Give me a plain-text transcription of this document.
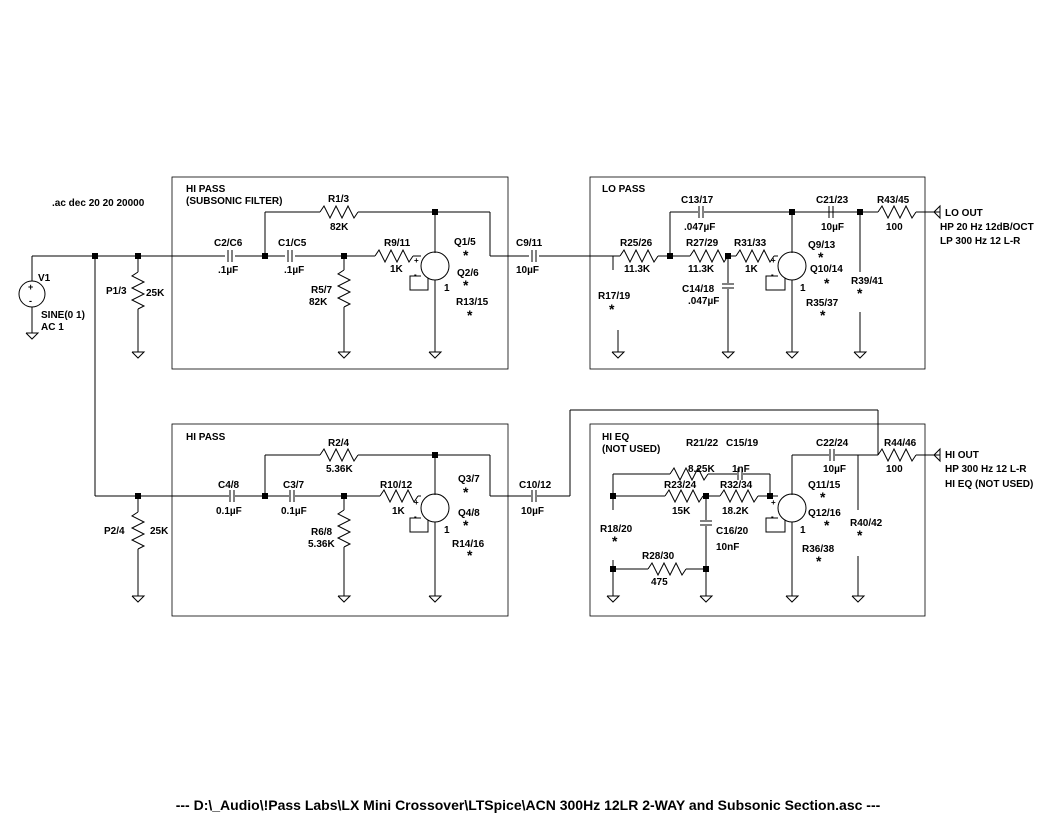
+
-
V1
SINE(0 1)
AC 1
.ac dec 20 20 20000
P1/3 25K
P2/4	25K
HI PASS
(SUBSONIC FILTER)
C2/C6
.1µF
C1/C5
.1µF
R1/3
82K
R5/7
82K
R9/11
1K
+
-
1
Q1/5
*
Q2/6
*
R13/15
*
C9/11
10µF
LO PASS
R17/19
*
R25/26
11.3K
C13/17
.047µF
R27/29
11.3K
C14/18
.047µF
R31/33
1K
+
-
1
Q9/13
*
Q10/14
*
R35/37
*
C21/23
10µF
R39/41
*
R43/45
100
LO OUT
HP 20 Hz 12dB/OCT
LP 300 Hz 12 L-R
HI PASS
C4/8
0.1µF
C3/7
0.1µF
R2/4
5.36K
R6/8
5.36K
R10/12
1K
+
-
1
Q3/7
*
Q4/8
*
R14/16
*
C10/12
10µF
HI EQ
(NOT USED)
R18/20
*
R21/22
8.25K
C15/19
1nF
R23/24
15K
C16/20
10nF
R28/30
475
R32/34
18.2K
+
-
1
Q11/15
*
Q12/16
*
R36/38
*
C22/24
10µF
R40/42
*
R44/46
100
HI OUT
HP 300 Hz 12 L-R
HI EQ (NOT USED)
--- D:\_Audio\!Pass Labs\LX Mini Crossover\LTSpice\ACN 300Hz 12LR 2-WAY and Subsonic Section.asc ---
